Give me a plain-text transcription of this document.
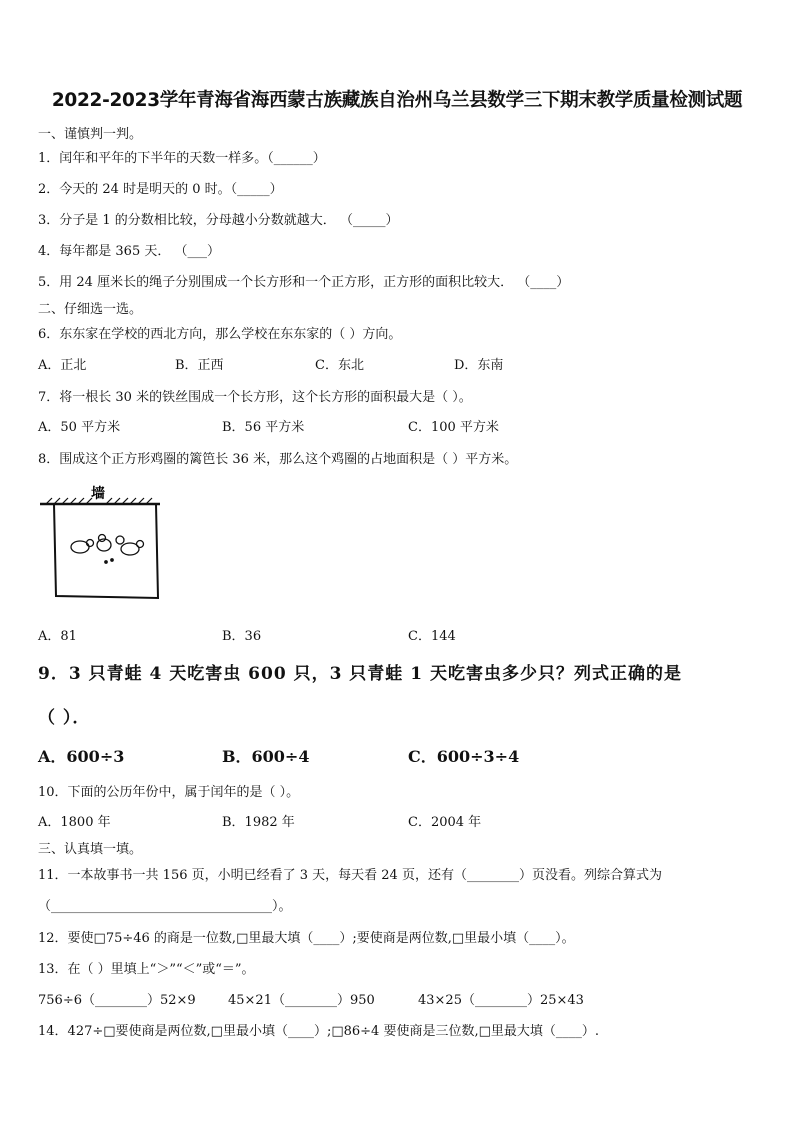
2022-2023学年青海省海西蒙古族藏族自治州乌兰县数学三下期末教学质量检测试题
一、谨慎判一判。
1．闰年和平年的下半年的天数一样多。（______）
2．今天的 24 时是明天的 0 时。（_____）
3．分子是 1 的分数相比较，分母越小分数就越大． （_____）
4．每年都是 365 天． （___）
5．用 24 厘米长的绳子分别围成一个长方形和一个正方形，正方形的面积比较大． （____）
二、仔细选一选。
6．东东家在学校的西北方向，那么学校在东东家的（ ）方向。
A．正北	B．正西	C．东北	D．东南
7．将一根长 30 米的铁丝围成一个长方形，这个长方形的面积最大是（ ）。
A．50 平方米	B．56 平方米	C．100 平方米
8．围成这个正方形鸡圈的篱笆长 36 米，那么这个鸡圈的占地面积是（ ）平方米。
墙
A．81	B．36	C．144
9．3 只青蛙 4 天吃害虫 600 只，3 只青蛙 1 天吃害虫多少只？列式正确的是
（ ）．
A．600÷3	B．600÷4	C．600÷3÷4
10．下面的公历年份中，属于闰年的是（ ）。
A．1800 年	B．1982 年	C．2004 年
三、认真填一填。
11．一本故事书一共 156 页，小明已经看了 3 天，每天看 24 页，还有（________）页没看。列综合算式为
（__________________________________）。
12．要使□75÷46 的商是一位数,□里最大填（____）;要使商是两位数,□里最小填（____）。
13．在（ ）里填上“＞”“＜”或“＝”。
756÷6（________）52×9 45×21（________）950	43×25（________）25×43
14．427÷□要使商是两位数,□里最小填（____）;□86÷4 要使商是三位数,□里最大填（____）.
